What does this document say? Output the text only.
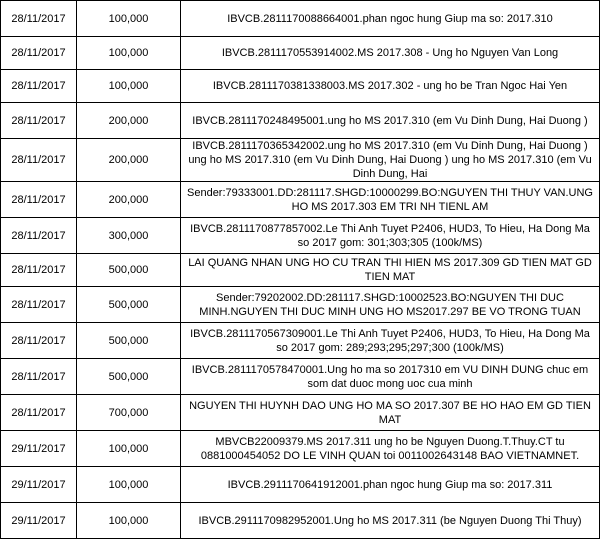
28/11/2017	100,000	IBVCB.2811170088664001.phan ngoc hung Giup ma so: 2017.310
28/11/2017	100,000	IBVCB.2811170553914002.MS 2017.308 - Ung ho Nguyen Van Long
28/11/2017	100,000	IBVCB.2811170381338003.MS 2017.302 - ung ho be Tran Ngoc Hai Yen
28/11/2017	200,000	IBVCB.2811170248495001.ung ho MS 2017.310 (em Vu Dinh Dung, Hai Duong )
28/11/2017	200,000	IBVCB.2811170365342002.ung ho MS 2017.310 (em Vu Dinh Dung, Hai Duong ) ung ho MS 2017.310 (em Vu Dinh Dung, Hai Duong ) ung ho MS 2017.310 (em Vu Dinh Dung, Hai
28/11/2017	200,000	Sender:79333001.DD:281117.SHGD:10000299.BO:NGUYEN THI THUY VAN.UNG HO MS 2017.303 EM TRI NH TIENL AM
28/11/2017	300,000	IBVCB.2811170877857002.Le Thi Anh Tuyet P2406, HUD3, To Hieu, Ha Dong Ma so 2017 gom: 301;303;305 (100k/MS)
28/11/2017	500,000	LAI QUANG NHAN UNG HO CU TRAN THI HIEN MS 2017.309 GD TIEN MAT GD TIEN MAT
28/11/2017	500,000	Sender:79202002.DD:281117.SHGD:10002523.BO:NGUYEN THI DUC MINH.NGUYEN THI DUC MINH UNG HO MS2017.297 BE VO TRONG TUAN
28/11/2017	500,000	IBVCB.2811170567309001.Le Thi Anh Tuyet P2406, HUD3, To Hieu, Ha Dong Ma so 2017 gom: 289;293;295;297;300 (100k/MS)
28/11/2017	500,000	IBVCB.2811170578470001.Ung ho ma so 2017310 em VU DINH DUNG chuc em som dat duoc mong uoc cua minh
28/11/2017	700,000	NGUYEN THI HUYNH DAO UNG HO MA SO 2017.307 BE HO HAO EM GD TIEN MAT
29/11/2017	100,000	MBVCB22009379.MS 2017.311 ung ho be Nguyen Duong.T.Thuy.CT tu 0881000454052 DO LE VINH QUAN toi 0011002643148 BAO VIETNAMNET.
29/11/2017	100,000	IBVCB.2911170641912001.phan ngoc hung Giup ma so: 2017.311
29/11/2017	100,000	IBVCB.2911170982952001.Ung ho MS 2017.311 (be Nguyen Duong Thi Thuy)
